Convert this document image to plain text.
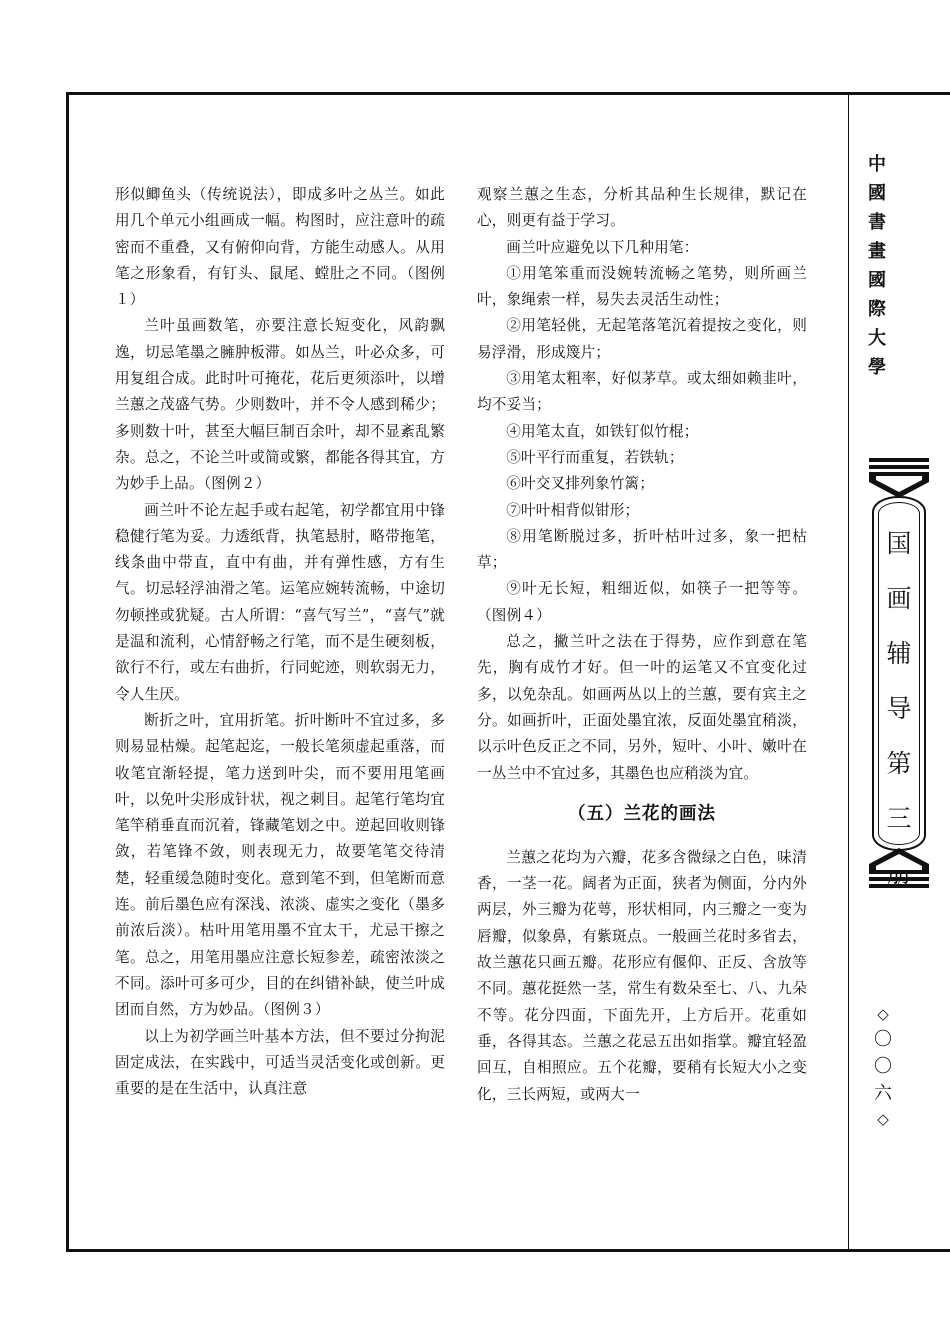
形似鲫鱼头（传统说法），即成多叶之丛兰。如此用几个单元小组画成一幅。构图时，应注意叶的疏密而不重叠，又有俯仰向背，方能生动感人。从用笔之形象看，有钉头、鼠尾、螳肚之不同。（图例１）

兰叶虽画数笔，亦要注意长短变化，风韵飘逸，切忌笔墨之臃肿板滞。如丛兰，叶必众多，可用复组合成。此时叶可掩花，花后更须添叶，以增兰蕙之茂盛气势。少则数叶，并不令人感到稀少；多则数十叶，甚至大幅巨制百余叶，却不显紊乱繁杂。总之，不论兰叶或简或繁，都能各得其宜，方为妙手上品。（图例２）

画兰叶不论左起手或右起笔，初学都宜用中锋稳健行笔为妥。力透纸背，执笔悬肘，略带拖笔，线条曲中带直，直中有曲，并有弹性感，方有生气。切忌轻浮油滑之笔。运笔应婉转流畅，中途切勿顿挫或犹疑。古人所谓：“喜气写兰”，“喜气”就是温和流利，心情舒畅之行笔，而不是生硬刻板，欲行不行，或左右曲折，行同蛇迹，则软弱无力，令人生厌。

断折之叶，宜用折笔。折叶断叶不宜过多，多则易显枯燥。起笔起迄，一般长笔须虚起重落，而收笔宜渐轻提，笔力送到叶尖，而不要用甩笔画叶，以免叶尖形成针状，视之刺目。起笔行笔均宜笔竿稍垂直而沉着，锋藏笔划之中。逆起回收则锋敛，若笔锋不敛，则表现无力，故要笔笔交待清楚，轻重缓急随时变化。意到笔不到，但笔断而意连。前后墨色应有深浅、浓淡、虚实之变化（墨多前浓后淡）。枯叶用笔用墨不宜太干，尤忌干擦之笔。总之，用笔用墨应注意长短参差，疏密浓淡之不同。添叶可多可少，目的在纠错补缺，使兰叶成团而自然，方为妙品。（图例３）

以上为初学画兰叶基本方法，但不要过分拘泥固定成法，在实践中，可适当灵活变化或创新。更重要的是在生活中，认真注意

观察兰蕙之生态，分析其品种生长规律，默记在心，则更有益于学习。

画兰叶应避免以下几种用笔：

①用笔笨重而没婉转流畅之笔势，则所画兰叶，象绳索一样，易失去灵活生动性；

②用笔轻佻，无起笔落笔沉着提按之变化，则易浮滑，形成篾片；

③用笔太粗率，好似茅草。或太细如赖韭叶，均不妥当；

④用笔太直，如铁钉似竹棍；

⑤叶平行而重复，若铁轨；

⑥叶交叉排列象竹篱；

⑦叶叶相背似钳形；

⑧用笔断脱过多，折叶枯叶过多，象一把枯草；

⑨叶无长短，粗细近似，如筷子一把等等。（图例４）

总之，撇兰叶之法在于得势，应作到意在笔先，胸有成竹才好。但一叶的运笔又不宜变化过多，以免杂乱。如画两丛以上的兰蕙，要有宾主之分。如画折叶，正面处墨宜浓，反面处墨宜稍淡，以示叶色反正之不同，另外，短叶、小叶、嫩叶在一丛兰中不宜过多，其墨色也应稍淡为宜。

（五）兰花的画法

兰蕙之花均为六瓣，花多含微绿之白色，味清香，一茎一花。阔者为正面，狭者为侧面，分内外两层，外三瓣为花萼，形状相同，内三瓣之一变为唇瓣，似象鼻，有紫斑点。一般画兰花时多省去，故兰蕙花只画五瓣。花形应有偃仰、正反、含放等不同。蕙花挺然一茎，常生有数朵至七、八、九朵不等。花分四面，下面先开，上方后开。花重如垂，各得其态。兰蕙之花忌五出如指掌。瓣宜轻盈回互，自相照应。五个花瓣，要稍有长短大小之变化，三长两短，或两大一

中
國
書
畫
國
際
大
學
国
画
辅
导
第
三
◇
〇
〇
六
◇
